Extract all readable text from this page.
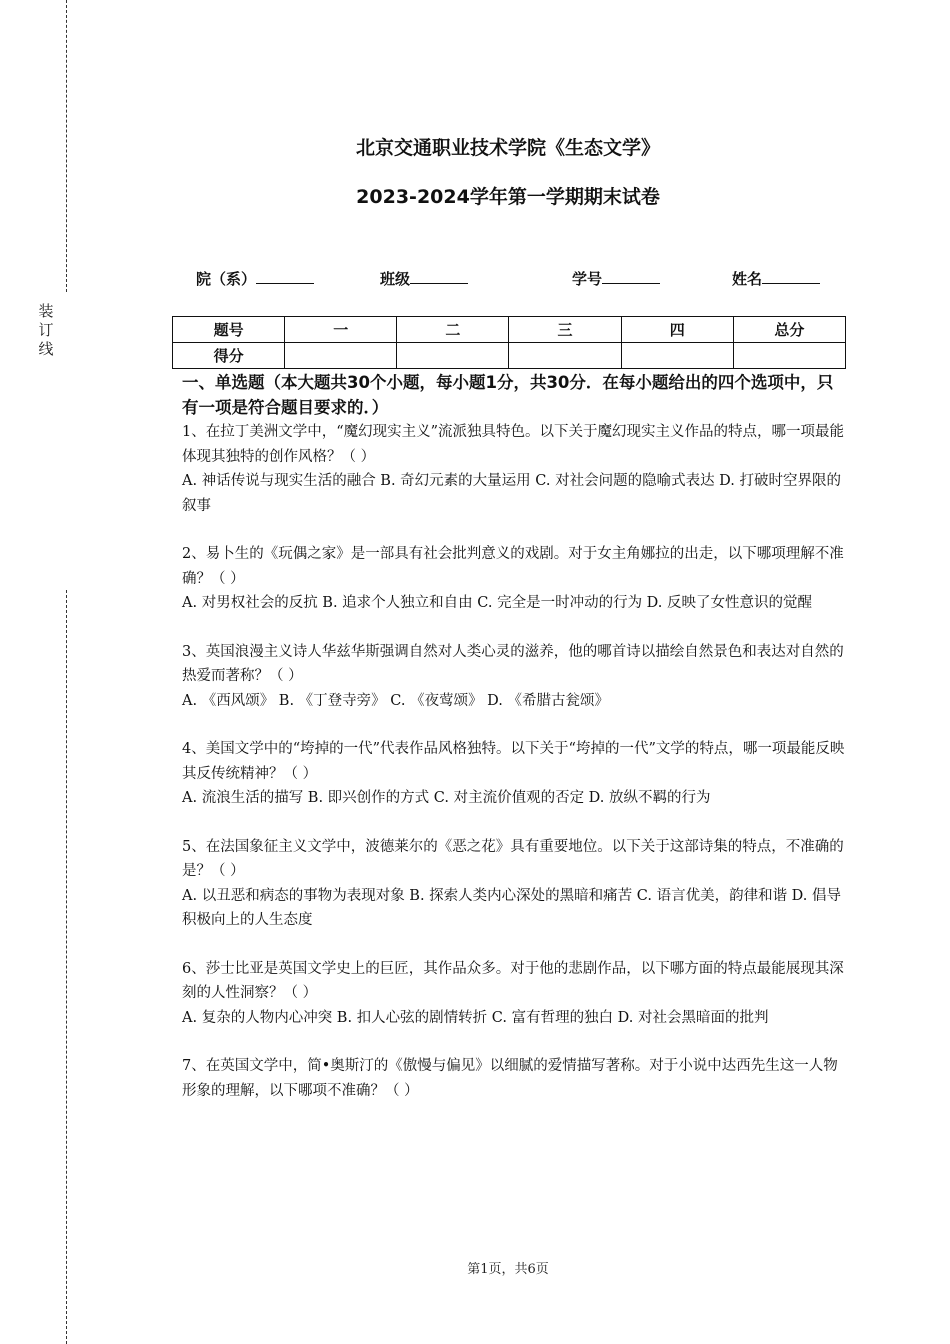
装
订
线
北京交通职业技术学院《生态文学》
2023-2024学年第一学期期末试卷
院（系）	班级	学号	姓名
题号	一	二	三	四	总分
得分					
一、单选题（本大题共30个小题，每小题1分，共30分．在每小题给出的四个选项中，只有一项是符合题目要求的．）

1、在拉丁美洲文学中，“魔幻现实主义”流派独具特色。以下关于魔幻现实主义作品的特点，哪一项最能体现其独特的创作风格？（ ）

A. 神话传说与现实生活的融合 B. 奇幻元素的大量运用 C. 对社会问题的隐喻式表达 D. 打破时空界限的叙事

2、易卜生的《玩偶之家》是一部具有社会批判意义的戏剧。对于女主角娜拉的出走，以下哪项理解不准确？（ ）

A. 对男权社会的反抗 B. 追求个人独立和自由 C. 完全是一时冲动的行为 D. 反映了女性意识的觉醒

3、英国浪漫主义诗人华兹华斯强调自然对人类心灵的滋养，他的哪首诗以描绘自然景色和表达对自然的热爱而著称？（ ）

A. 《西风颂》 B. 《丁登寺旁》 C. 《夜莺颂》 D. 《希腊古瓮颂》

4、美国文学中的“垮掉的一代”代表作品风格独特。以下关于“垮掉的一代”文学的特点，哪一项最能反映其反传统精神？（ ）

A. 流浪生活的描写 B. 即兴创作的方式 C. 对主流价值观的否定 D. 放纵不羁的行为

5、在法国象征主义文学中，波德莱尔的《恶之花》具有重要地位。以下关于这部诗集的特点，不准确的是？（ ）

A. 以丑恶和病态的事物为表现对象 B. 探索人类内心深处的黑暗和痛苦 C. 语言优美，韵律和谐 D. 倡导积极向上的人生态度

6、莎士比亚是英国文学史上的巨匠，其作品众多。对于他的悲剧作品，以下哪方面的特点最能展现其深刻的人性洞察？（ ）

A. 复杂的人物内心冲突 B. 扣人心弦的剧情转折 C. 富有哲理的独白 D. 对社会黑暗面的批判

7、在英国文学中，简•奥斯汀的《傲慢与偏见》以细腻的爱情描写著称。对于小说中达西先生这一人物形象的理解，以下哪项不准确？（ ）

第1页，共6页
